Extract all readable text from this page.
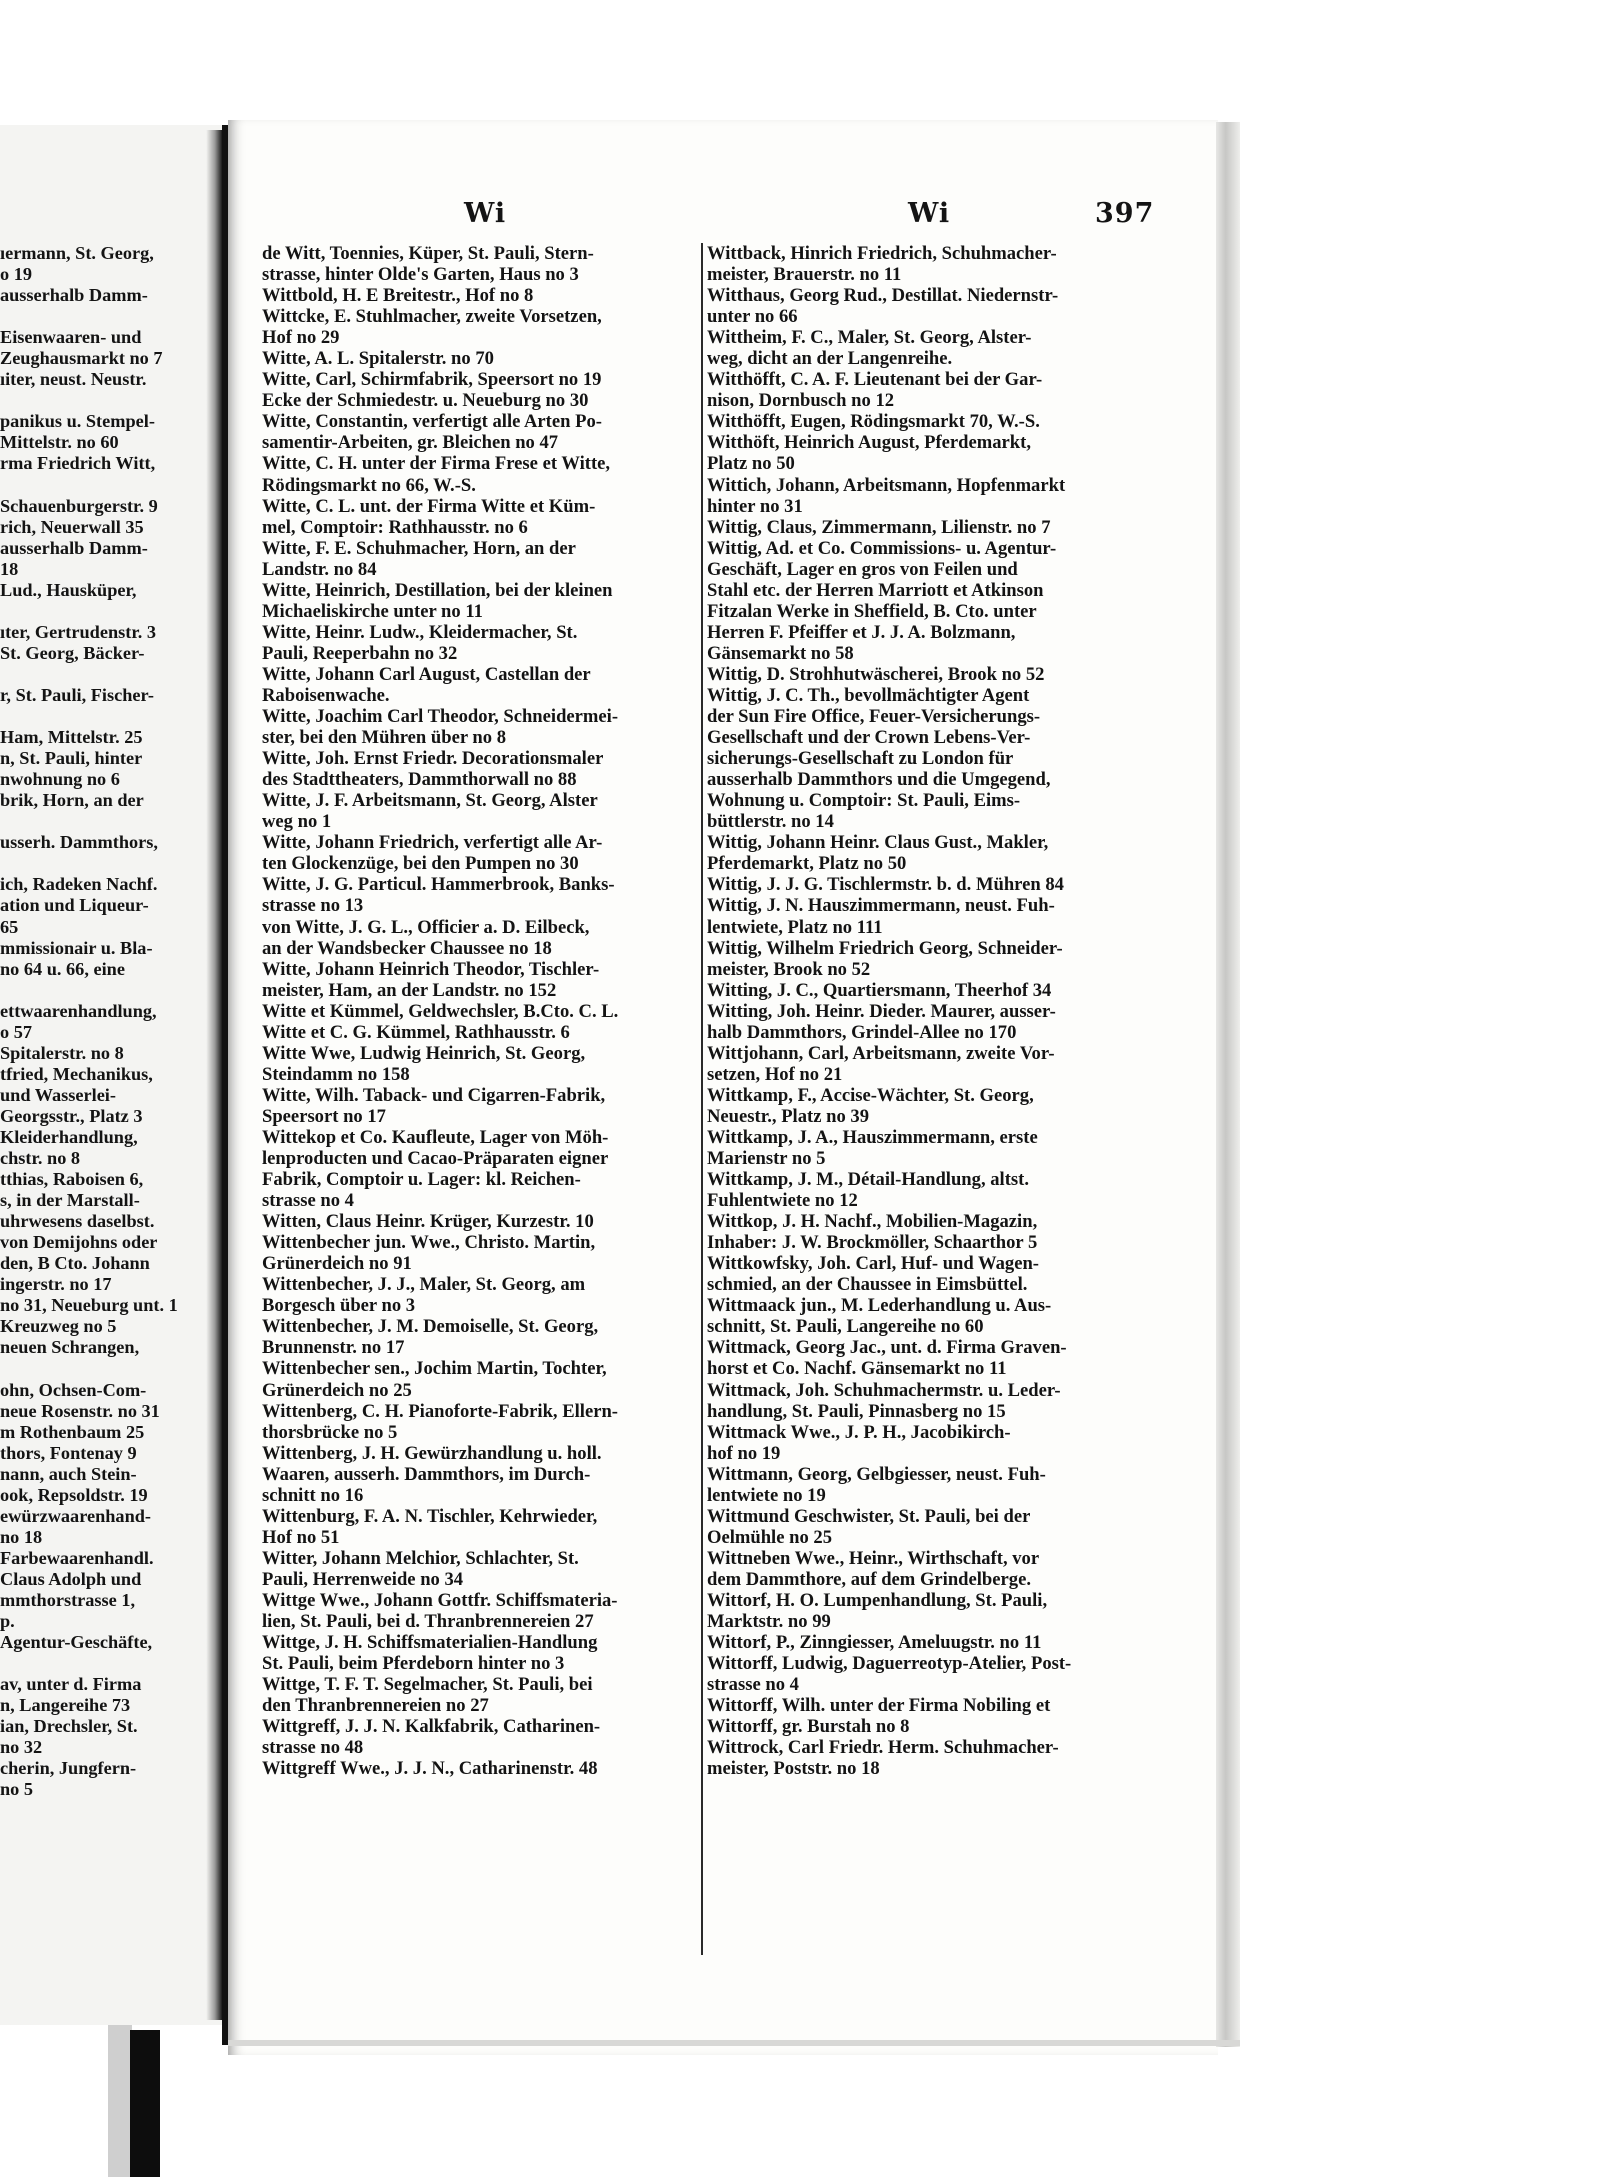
Wi	Wi	397
ıermann, St. Georg,
o 19
ausserhalb Damm-

Eisenwaaren- und
Zeughausmarkt no 7
ıiter, neust. Neustr.

panikus u. Stempel-
Mittelstr. no 60
rma Friedrich Witt,

Schauenburgerstr. 9
rich, Neuerwall 35
ausserhalb Damm-
18
Lud., Hausküper,

ıter, Gertrudenstr. 3
St. Georg, Bäcker-

r, St. Pauli, Fischer-

Ham, Mittelstr. 25
n, St. Pauli, hinter
nwohnung no 6
brik, Horn, an der

usserh. Dammthors,

ich, Radeken Nachf.
ation und Liqueur-
65
mmissionair u. Bla-
no 64 u. 66, eine

ettwaarenhandlung,
o 57
Spitalerstr. no 8
tfried, Mechanikus,
und Wasserlei-
Georgsstr., Platz 3
Kleiderhandlung,
chstr. no 8
tthias, Raboisen 6,
s, in der Marstall-
uhrwesens daselbst.
von Demijohns oder
den, B Cto. Johann
ingerstr. no 17
no 31, Neueburg unt. 1
Kreuzweg no 5
neuen Schrangen,

ohn, Ochsen-Com-
neue Rosenstr. no 31
m Rothenbaum 25
thors, Fontenay 9
nann, auch Stein-
ook, Repsoldstr. 19
ewürzwaarenhand-
no 18
Farbewaarenhandl.
Claus Adolph und
mmthorstrasse 1,
p.
Agentur-Geschäfte,

av, unter d. Firma
n, Langereihe 73
ian, Drechsler, St.
no 32
cherin, Jungfern-
no 5

de Witt, Toennies, Küper, St. Pauli, Stern-
strasse, hinter Olde's Garten, Haus no 3

Wittbold, H. E Breitestr., Hof no 8

Wittcke, E. Stuhlmacher, zweite Vorsetzen,
Hof no 29

Witte, A. L. Spitalerstr. no 70

Witte, Carl, Schirmfabrik, Speersort no 19
Ecke der Schmiedestr. u. Neueburg no 30

Witte, Constantin, verfertigt alle Arten Po-
samentir-Arbeiten, gr. Bleichen no 47

Witte, C. H. unter der Firma Frese et Witte,
Rödingsmarkt no 66, W.-S.

Witte, C. L. unt. der Firma Witte et Küm-
mel, Comptoir: Rathhausstr. no 6

Witte, F. E. Schuhmacher, Horn, an der
Landstr. no 84

Witte, Heinrich, Destillation, bei der kleinen
Michaeliskirche unter no 11

Witte, Heinr. Ludw., Kleidermacher, St.
Pauli, Reeperbahn no 32

Witte, Johann Carl August, Castellan der
Raboisenwache.

Witte, Joachim Carl Theodor, Schneidermei-
ster, bei den Mühren über no 8

Witte, Joh. Ernst Friedr. Decorationsmaler
des Stadttheaters, Dammthorwall no 88

Witte, J. F. Arbeitsmann, St. Georg, Alster
weg no 1

Witte, Johann Friedrich, verfertigt alle Ar-
ten Glockenzüge, bei den Pumpen no 30

Witte, J. G. Particul. Hammerbrook, Banks-
strasse no 13

von Witte, J. G. L., Officier a. D. Eilbeck,
an der Wandsbecker Chaussee no 18

Witte, Johann Heinrich Theodor, Tischler-
meister, Ham, an der Landstr. no 152

Witte et Kümmel, Geldwechsler, B.Cto. C. L.
Witte et C. G. Kümmel, Rathhausstr. 6

Witte Wwe, Ludwig Heinrich, St. Georg,
Steindamm no 158

Witte, Wilh. Taback- und Cigarren-Fabrik,
Speersort no 17

Wittekop et Co. Kaufleute, Lager von Möh-
lenproducten und Cacao-Präparaten eigner
Fabrik, Comptoir u. Lager: kl. Reichen-
strasse no 4

Witten, Claus Heinr. Krüger, Kurzestr. 10

Wittenbecher jun. Wwe., Christo. Martin,
Grünerdeich no 91

Wittenbecher, J. J., Maler, St. Georg, am
Borgesch über no 3

Wittenbecher, J. M. Demoiselle, St. Georg,
Brunnenstr. no 17

Wittenbecher sen., Jochim Martin, Tochter,
Grünerdeich no 25

Wittenberg, C. H. Pianoforte-Fabrik, Ellern-
thorsbrücke no 5

Wittenberg, J. H. Gewürzhandlung u. holl.
Waaren, ausserh. Dammthors, im Durch-
schnitt no 16

Wittenburg, F. A. N. Tischler, Kehrwieder,
Hof no 51

Witter, Johann Melchior, Schlachter, St.
Pauli, Herrenweide no 34

Wittge Wwe., Johann Gottfr. Schiffsmateria-
lien, St. Pauli, bei d. Thranbrennereien 27

Wittge, J. H. Schiffsmaterialien-Handlung
St. Pauli, beim Pferdeborn hinter no 3

Wittge, T. F. T. Segelmacher, St. Pauli, bei
den Thranbrennereien no 27

Wittgreff, J. J. N. Kalkfabrik, Catharinen-
strasse no 48

Wittgreff Wwe., J. J. N., Catharinenstr. 48

Wittback, Hinrich Friedrich, Schuhmacher-
meister, Brauerstr. no 11

Witthaus, Georg Rud., Destillat. Niedernstr-
unter no 66

Wittheim, F. C., Maler, St. Georg, Alster-
weg, dicht an der Langenreihe.

Witthöfft, C. A. F. Lieutenant bei der Gar-
nison, Dornbusch no 12

Witthöfft, Eugen, Rödingsmarkt 70, W.-S.

Witthöft, Heinrich August, Pferdemarkt,
Platz no 50

Wittich, Johann, Arbeitsmann, Hopfenmarkt
hinter no 31

Wittig, Claus, Zimmermann, Lilienstr. no 7

Wittig, Ad. et Co. Commissions- u. Agentur-
Geschäft, Lager en gros von Feilen und
Stahl etc. der Herren Marriott et Atkinson
Fitzalan Werke in Sheffield, B. Cto. unter
Herren F. Pfeiffer et J. J. A. Bolzmann,
Gänsemarkt no 58

Wittig, D. Strohhutwäscherei, Brook no 52

Wittig, J. C. Th., bevollmächtigter Agent
der Sun Fire Office, Feuer-Versicherungs-
Gesellschaft und der Crown Lebens-Ver-
sicherungs-Gesellschaft zu London für
ausserhalb Dammthors und die Umgegend,
Wohnung u. Comptoir: St. Pauli, Eims-
büttlerstr. no 14

Wittig, Johann Heinr. Claus Gust., Makler,
Pferdemarkt, Platz no 50

Wittig, J. J. G. Tischlermstr. b. d. Mühren 84

Wittig, J. N. Hauszimmermann, neust. Fuh-
lentwiete, Platz no 111

Wittig, Wilhelm Friedrich Georg, Schneider-
meister, Brook no 52

Witting, J. C., Quartiersmann, Theerhof 34

Witting, Joh. Heinr. Dieder. Maurer, ausser-
halb Dammthors, Grindel-Allee no 170

Wittjohann, Carl, Arbeitsmann, zweite Vor-
setzen, Hof no 21

Wittkamp, F., Accise-Wächter, St. Georg,
Neuestr., Platz no 39

Wittkamp, J. A., Hauszimmermann, erste
Marienstr no 5

Wittkamp, J. M., Détail-Handlung, altst.
Fuhlentwiete no 12

Wittkop, J. H. Nachf., Mobilien-Magazin,
Inhaber: J. W. Brockmöller, Schaarthor 5

Wittkowfsky, Joh. Carl, Huf- und Wagen-
schmied, an der Chaussee in Eimsbüttel.

Wittmaack jun., M. Lederhandlung u. Aus-
schnitt, St. Pauli, Langereihe no 60

Wittmack, Georg Jac., unt. d. Firma Graven-
horst et Co. Nachf. Gänsemarkt no 11

Wittmack, Joh. Schuhmachermstr. u. Leder-
handlung, St. Pauli, Pinnasberg no 15

Wittmack Wwe., J. P. H., Jacobikirch-
hof no 19

Wittmann, Georg, Gelbgiesser, neust. Fuh-
lentwiete no 19

Wittmund Geschwister, St. Pauli, bei der
Oelmühle no 25

Wittneben Wwe., Heinr., Wirthschaft, vor
dem Dammthore, auf dem Grindelberge.

Wittorf, H. O. Lumpenhandlung, St. Pauli,
Marktstr. no 99

Wittorf, P., Zinngiesser, Ameluugstr. no 11

Wittorff, Ludwig, Daguerreotyp-Atelier, Post-
strasse no 4

Wittorff, Wilh. unter der Firma Nobiling et
Wittorff, gr. Burstah no 8

Wittrock, Carl Friedr. Herm. Schuhmacher-
meister, Poststr. no 18
